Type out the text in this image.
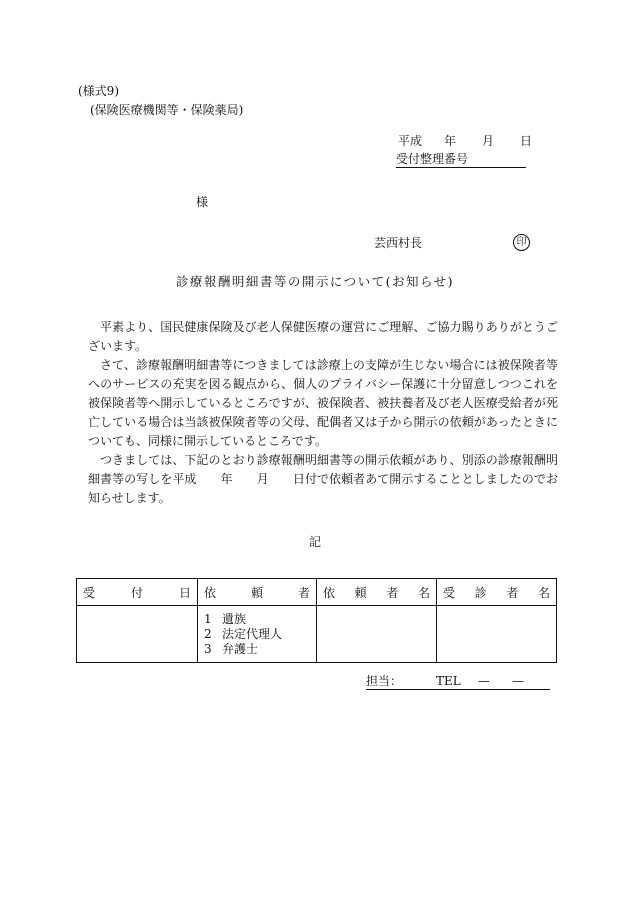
(様式9)
(保険医療機関等・保険薬局)
平成 年 月 日
受付整理番号
様
芸西村長	印
診療報酬明細書等の開示について(お知らせ)

平素より、国民健康保険及び老人保健医療の運営にご理解、ご協力賜りありがとうございます。

さて、診療報酬明細書等につきましては診療上の支障が生じない場合には被保険者等へのサービスの充実を図る観点から、個人のプライバシー保護に十分留意しつつこれを被保険者等へ開示しているところですが、被保険者、被扶養者及び老人医療受給者が死亡している場合は当該被保険者等の父母、配偶者又は子から開示の依頼があったときについても、同様に開示しているところです。

つきましては、下記のとおり診療報酬明細書等の開示依頼があり、別添の診療報酬明細書等の写しを平成　　年　　月　　日付で依頼者あて開示することとしましたのでお知らせします。

記
受 付 日	依 頼 者	依 頼 者 名	受 診 者 名

	1 遺族
2 法定代理人
3 弁護士		

担当：	TEL — —
